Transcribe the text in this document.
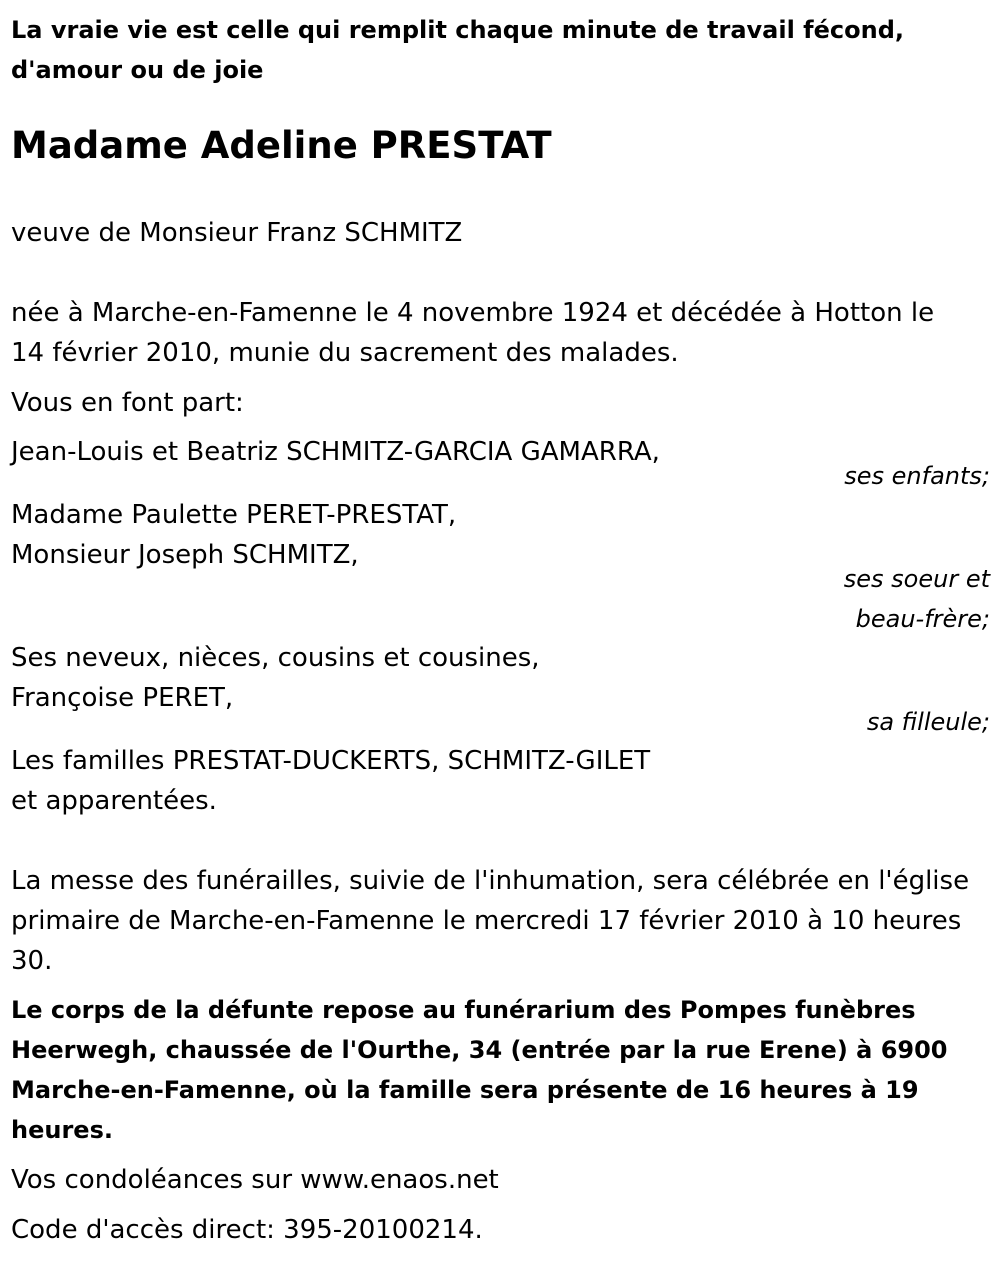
La vraie vie est celle qui remplit chaque minute de travail fécond,
d'amour ou de joie
Madame Adeline PRESTAT
veuve de Monsieur Franz SCHMITZ
née à Marche-en-Famenne le 4 novembre 1924 et décédée à Hotton le
14 février 2010, munie du sacrement des malades.
Vous en font part:
Jean-Louis et Beatriz SCHMITZ-GARCIA GAMARRA,
ses enfants;
Madame Paulette PERET-PRESTAT,
Monsieur Joseph SCHMITZ,
ses soeur et
beau-frère;
Ses neveux, nièces, cousins et cousines,
Françoise PERET,
sa filleule;
Les familles PRESTAT-DUCKERTS, SCHMITZ-GILET
et apparentées.
La messe des funérailles, suivie de l'inhumation, sera célébrée en l'église
primaire de Marche-en-Famenne le mercredi 17 février 2010 à 10 heures
30.
Le corps de la défunte repose au funérarium des Pompes funèbres
Heerwegh, chaussée de l'Ourthe, 34 (entrée par la rue Erene) à 6900
Marche-en-Famenne, où la famille sera présente de 16 heures à 19
heures.
Vos condoléances sur www.enaos.net
Code d'accès direct: 395-20100214.
